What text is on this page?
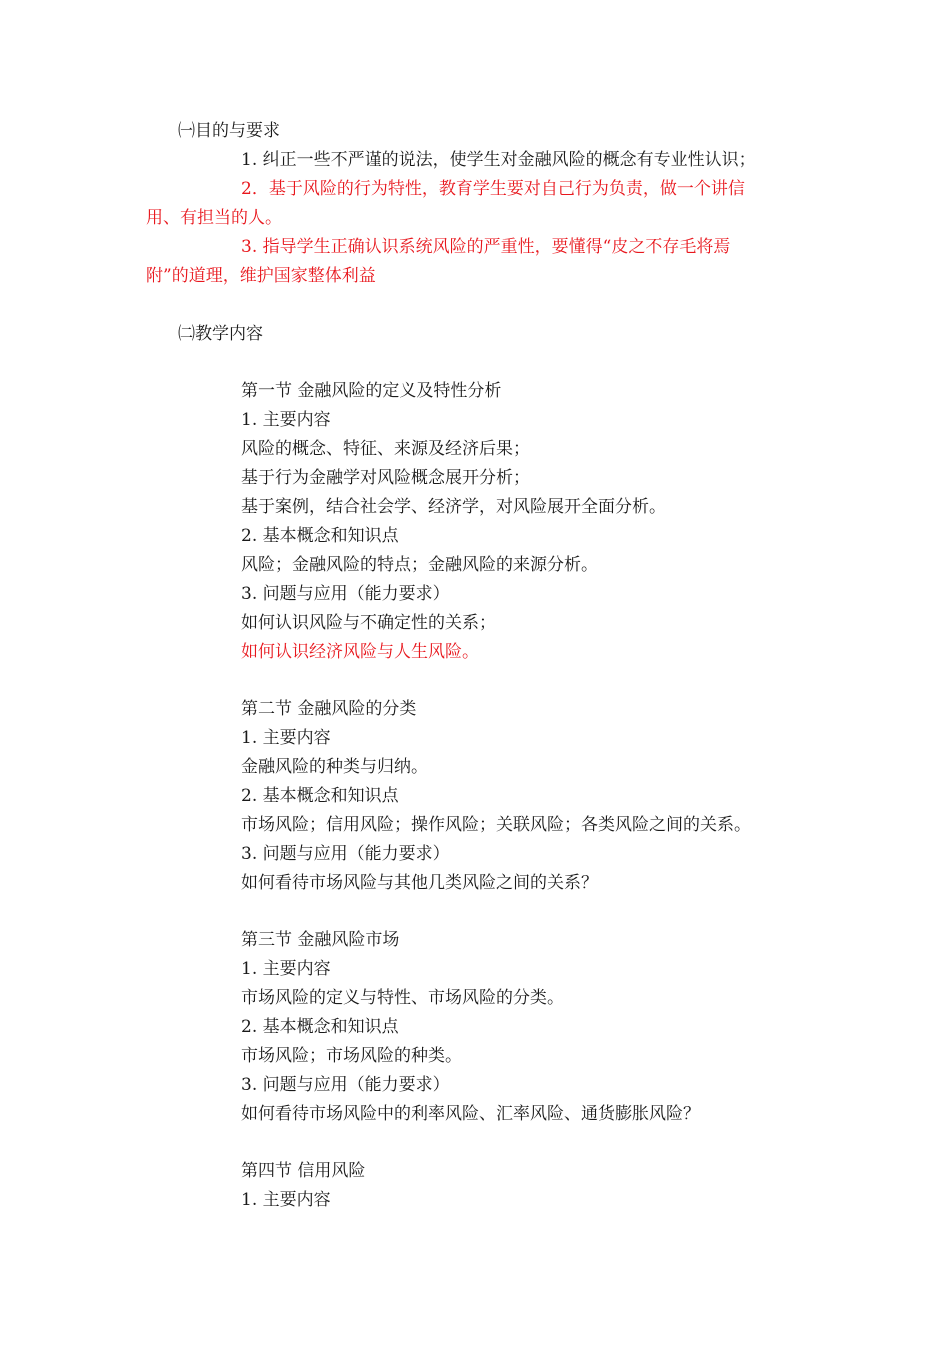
㈠目的与要求
1. 纠正一些不严谨的说法，使学生对金融风险的概念有专业性认识；
2．基于风险的行为特性，教育学生要对自己行为负责，做一个讲信
用、有担当的人。
3. 指导学生正确认识系统风险的严重性，要懂得“皮之不存毛将焉
附”的道理，维护国家整体利益
㈡教学内容
第一节 金融风险的定义及特性分析
1. 主要内容
风险的概念、特征、来源及经济后果；
基于行为金融学对风险概念展开分析；
基于案例，结合社会学、经济学，对风险展开全面分析。
2. 基本概念和知识点
风险；金融风险的特点；金融风险的来源分析。
3. 问题与应用（能力要求）
如何认识风险与不确定性的关系；
如何认识经济风险与人生风险。
第二节 金融风险的分类
1. 主要内容
金融风险的种类与归纳。
2. 基本概念和知识点
市场风险；信用风险；操作风险；关联风险；各类风险之间的关系。
3. 问题与应用（能力要求）
如何看待市场风险与其他几类风险之间的关系？
第三节 金融风险市场
1. 主要内容
市场风险的定义与特性、市场风险的分类。
2. 基本概念和知识点
市场风险；市场风险的种类。
3. 问题与应用（能力要求）
如何看待市场风险中的利率风险、汇率风险、通货膨胀风险？
第四节 信用风险
1. 主要内容
